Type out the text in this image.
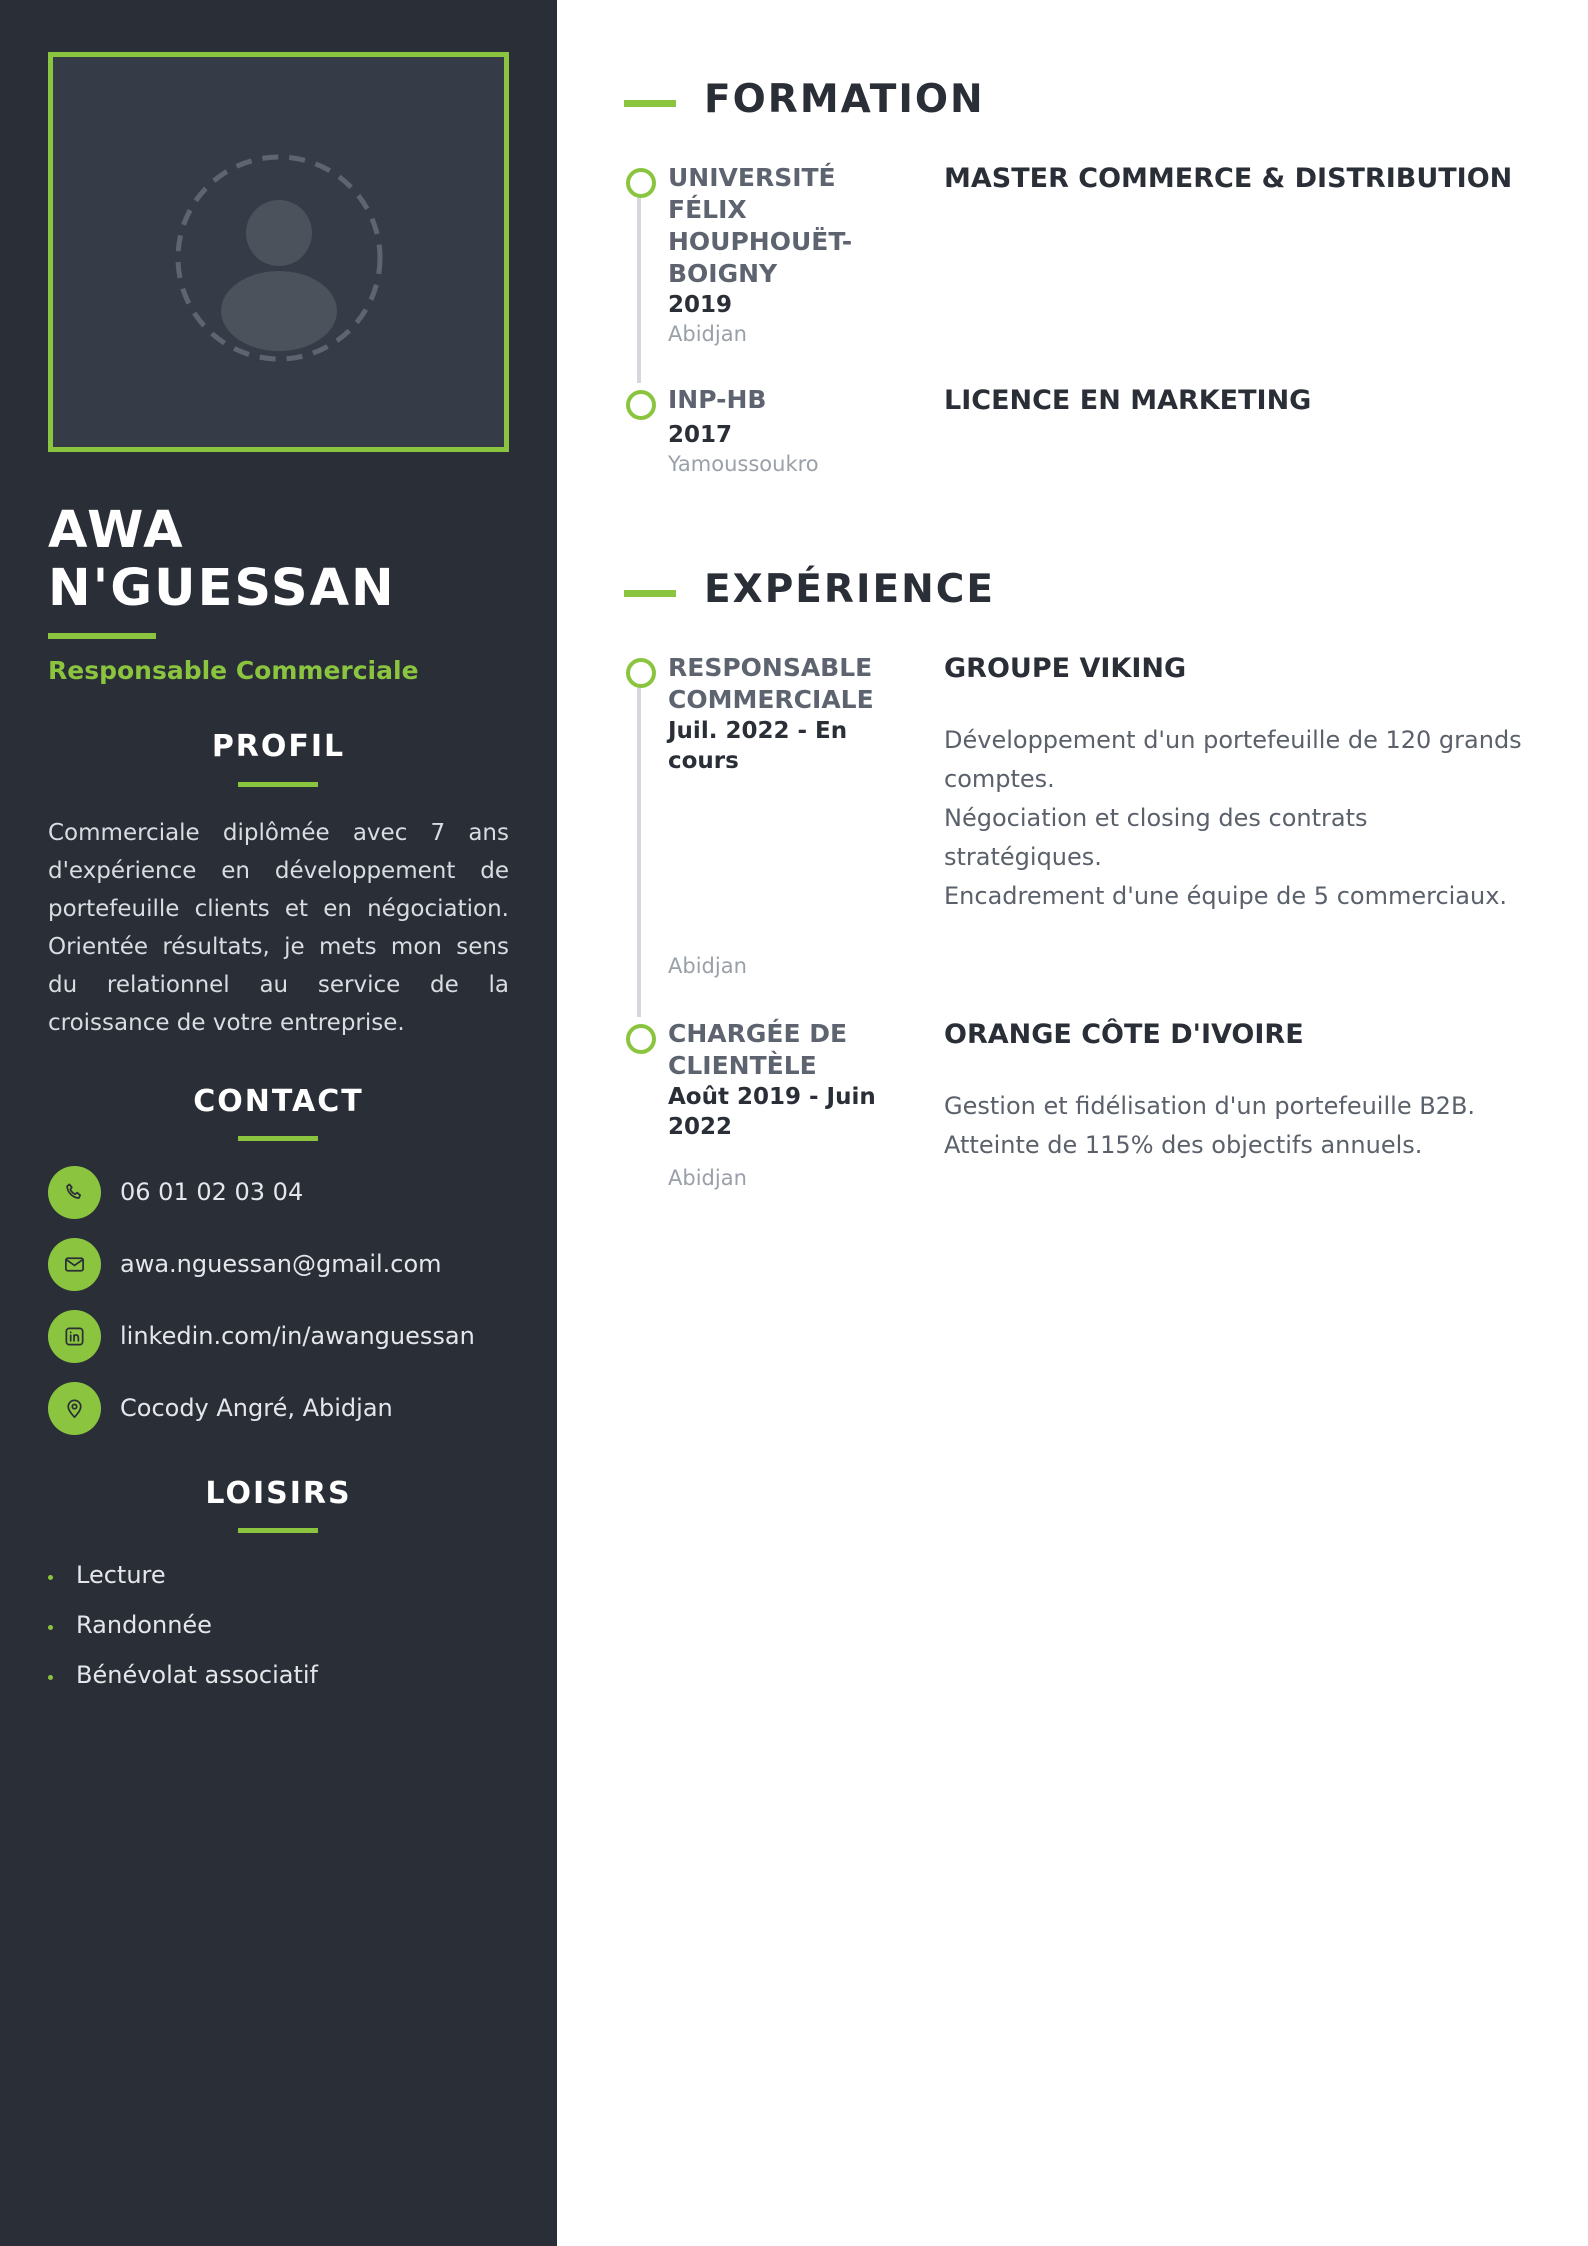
AWA
N'GUESSAN
Responsable Commerciale
PROFIL
Commerciale diplômée avec 7 ans d'expérience en développement de portefeuille clients et en négociation. Orientée résultats, je mets mon sens du relationnel au service de la croissance de votre entreprise.
CONTACT
06 01 02 03 04
awa.nguessan@gmail.com
linkedin.com/in/awanguessan
Cocody Angré, Abidjan
LOISIRS
Lecture
Randonnée
Bénévolat associatif
FORMATION
UNIVERSITÉ FÉLIX HOUPHOUËT-BOIGNY
2019
Abidjan
MASTER COMMERCE & DISTRIBUTION
INP-HB
2017
Yamoussoukro
LICENCE EN MARKETING
EXPÉRIENCE
RESPONSABLE COMMERCIALE
Juil. 2022 - En cours
Abidjan
GROUPE VIKING
Développement d'un portefeuille de 120 grands comptes.
Négociation et closing des contrats stratégiques.
Encadrement d'une équipe de 5 commerciaux.
CHARGÉE DE CLIENTÈLE
Août 2019 - Juin 2022
Abidjan
ORANGE CÔTE D'IVOIRE
Gestion et fidélisation d'un portefeuille B2B.
Atteinte de 115% des objectifs annuels.
